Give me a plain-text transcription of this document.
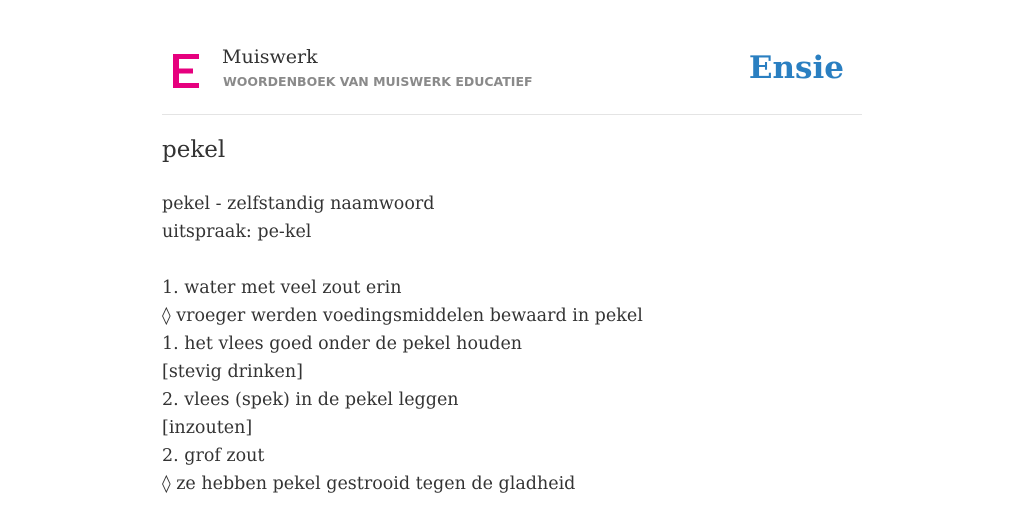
Muiswerk
WOORDENBOEK VAN MUISWERK EDUCATIEF	Ensie
pekel
pekel - zelfstandig naamwoord
uitspraak: pe-kel
1. water met veel zout erin
◊ vroeger werden voedingsmiddelen bewaard in pekel
1. het vlees goed onder de pekel houden
[stevig drinken]
2. vlees (spek) in de pekel leggen
[inzouten]
2. grof zout
◊ ze hebben pekel gestrooid tegen de gladheid
